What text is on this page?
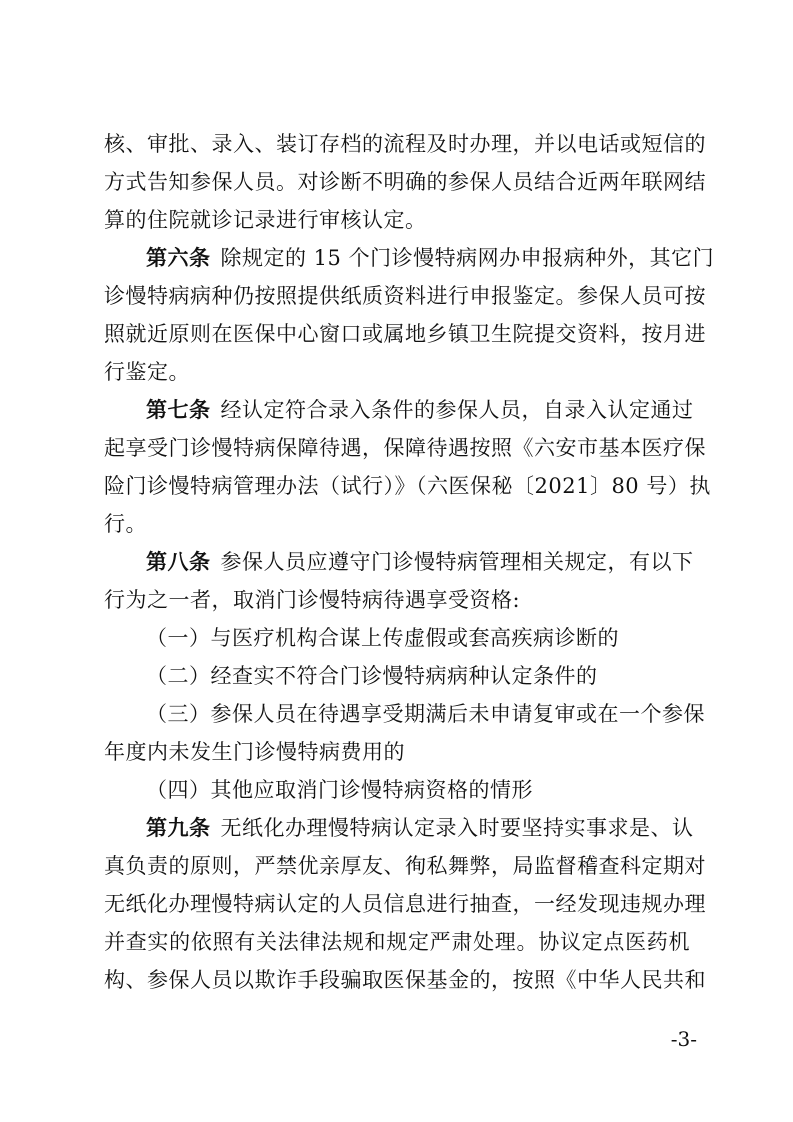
核、审批、录入、装订存档的流程及时办理，并以电话或短信的
方式告知参保人员。对诊断不明确的参保人员结合近两年联网结
算的住院就诊记录进行审核认定。
第六条 除规定的 15 个门诊慢特病网办申报病种外，其它门
诊慢特病病种仍按照提供纸质资料进行申报鉴定。参保人员可按
照就近原则在医保中心窗口或属地乡镇卫生院提交资料，按月进
行鉴定。
第七条 经认定符合录入条件的参保人员，自录入认定通过
起享受门诊慢特病保障待遇，保障待遇按照《六安市基本医疗保
险门诊慢特病管理办法（试行）》（六医保秘〔2021〕80 号）执
行。
第八条 参保人员应遵守门诊慢特病管理相关规定，有以下
行为之一者，取消门诊慢特病待遇享受资格:
（一）与医疗机构合谋上传虚假或套高疾病诊断的
（二）经查实不符合门诊慢特病病种认定条件的
（三）参保人员在待遇享受期满后未申请复审或在一个参保
年度内未发生门诊慢特病费用的
（四）其他应取消门诊慢特病资格的情形
第九条 无纸化办理慢特病认定录入时要坚持实事求是、认
真负责的原则，严禁优亲厚友、徇私舞弊，局监督稽查科定期对
无纸化办理慢特病认定的人员信息进行抽查，一经发现违规办理
并查实的依照有关法律法规和规定严肃处理。协议定点医药机
构、参保人员以欺诈手段骗取医保基金的，按照《中华人民共和
-3-
